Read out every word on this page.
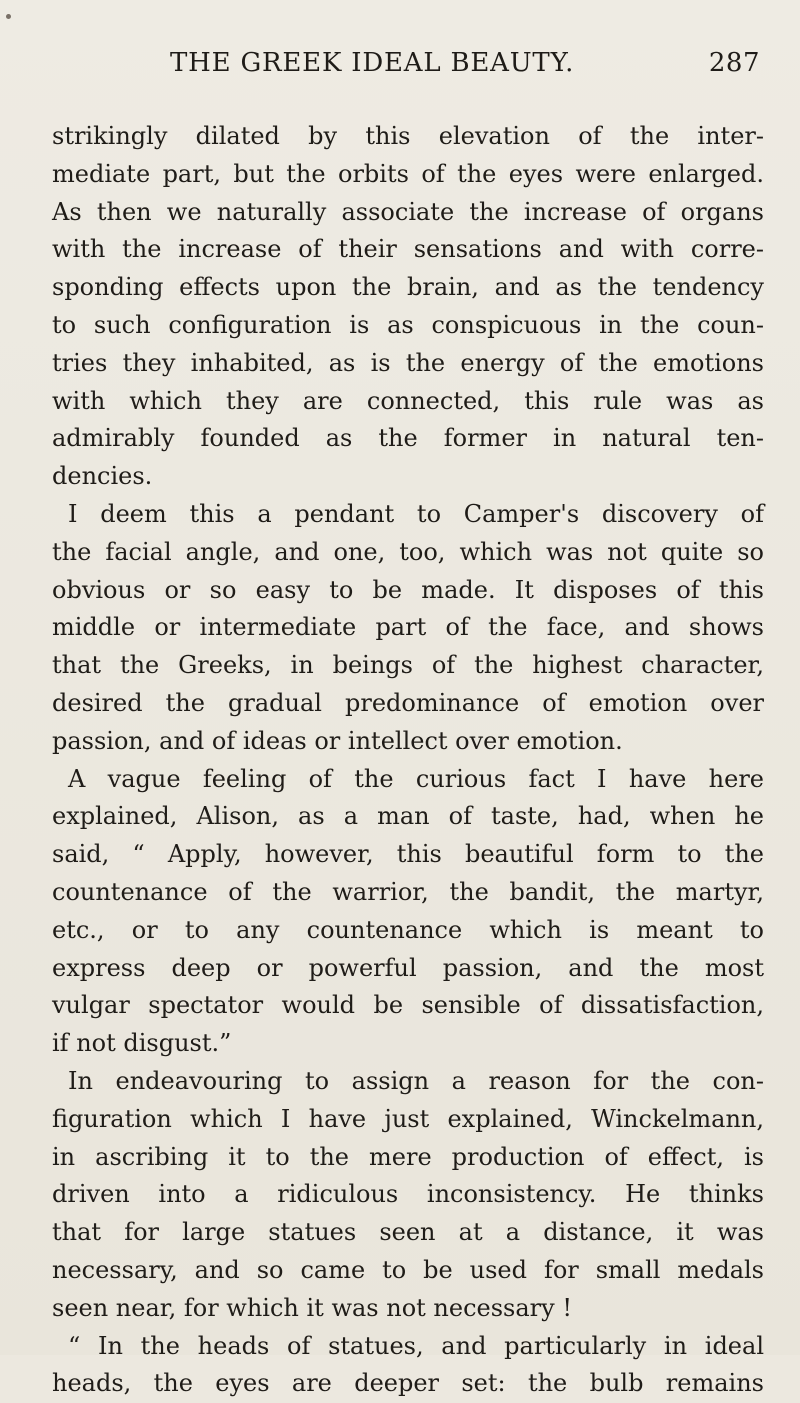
THE GREEK IDEAL BEAUTY.	287
strikingly dilated by this elevation of the inter-
mediate part, but the orbits of the eyes were enlarged.
As then we naturally associate the increase of organs
with the increase of their sensations and with corre-
sponding effects upon the brain, and as the tendency
to such configuration is as conspicuous in the coun-
tries they inhabited, as is the energy of the emotions
with which they are connected, this rule was as
admirably founded as the former in natural ten-
dencies.
I deem this a pendant to Camper's discovery of
the facial angle, and one, too, which was not quite so
obvious or so easy to be made. It disposes of this
middle or intermediate part of the face, and shows
that the Greeks, in beings of the highest character,
desired the gradual predominance of emotion over
passion, and of ideas or intellect over emotion.
A vague feeling of the curious fact I have here
explained, Alison, as a man of taste, had, when he
said, “ Apply, however, this beautiful form to the
countenance of the warrior, the bandit, the martyr,
etc., or to any countenance which is meant to
express deep or powerful passion, and the most
vulgar spectator would be sensible of dissatisfaction,
if not disgust.”
In endeavouring to assign a reason for the con-
figuration which I have just explained, Winckelmann,
in ascribing it to the mere production of effect, is
driven into a ridiculous inconsistency. He thinks
that for large statues seen at a distance, it was
necessary, and so came to be used for small medals
seen near, for which it was not necessary !
“ In the heads of statues, and particularly in ideal
heads, the eyes are deeper set: the bulb remains
